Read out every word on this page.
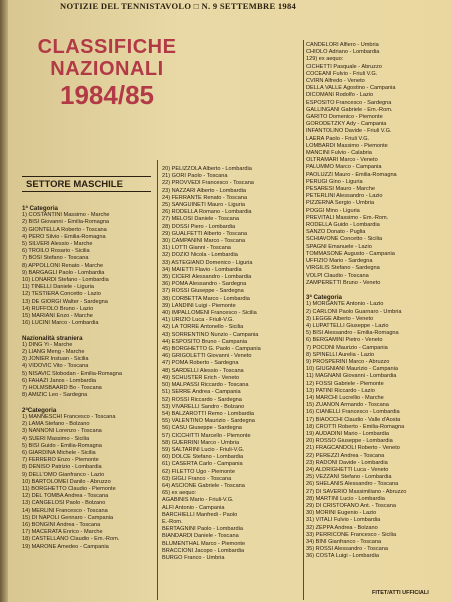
NOTIZIE DEL TENNISTAVOLO □ N. 9 SETTEMBRE 1984
CLASSIFICHE
NAZIONALI
1984/85
SETTORE MASCHILE
1ª Categoria
1) COSTANTINI Massimo - Marche
2) BISI Giovanni - Emilia-Romagna
3) GIONTELLA Roberto - Toscana
4) PERO Silvio - Emilia-Romagna
5) SILVERI Alessio - Marche
6) TROILO Rosario - Sicilia
7) BOSI Stefano - Toscana
8) APPOLLONI Renato - Marche
9) BARGAGLI Paolo - Lombardia
10) LONARDI Stefano - Lombardia
11) TINELLI Daniele - Liguria
12) TESTIERA Concetto - Lazio
13) DE GIORGI Walter - Sardegna
14) RUFFOLO Bruno - Lazio
15) MARIANI Enzo - Marche
16) LUCINI Marco - Lombardia

Nazionalità straniera
1) DING Yi - Marche
2) LIANG Meng - Marche
3) JONIER Instuan - Sicilia
4) VIDOVIC Vito - Toscana
5) NISAVIC Slobodan - Emilia-Romagna
6) FAHAZI Janos - Lombardia
7) HOLMSBAARD Bo - Toscana
8) AMIZIC Leo - Sardegna

2ªCategoria
1) MANNESCHI Francesco - Toscana
2) LAMA Stefano - Bolzano
3) NANNONI Lorenzo - Toscana
4) SUERI Massimo - Sicilia
5) BISI Guido - Emilia-Romagna
6) GIARDINA Michele - Sicilia
7) FERRERO Enzo - Piemonte
8) DENISO Patrizio - Lombardia
9) DELL'OMO Gianfranco - Lazio
10) BARTOLOMEI Danilo - Abruzzo
11) BORGHETTO Claudio - Piemonte
12) DEL TOMBA Andrea - Toscana
13) CANGELOSI Paolo - Bolzano
14) MERLINI Francesco - Toscana
15) DI NAPOLI Gennaro - Campania
16) BONGINI Andrea - Toscana
17) MACERATA Enrico - Marche
18) CASTELLANO Claudio - Em.-Rom.
19) MARONE Amedeo - Campania
20) PELIZZOLA Alberto - Lombardia
21) GORI Paolo - Toscana
22) PROVVEDI Francesco - Toscana
23) NAZZARI Alberto - Lombardia
24) FERRANTE Renato - Toscana
25) SANGUINETI Mauro - Liguria
26) RODELLA Romano - Lombardia
27) MELOSI Daniele - Toscana
28) DOSSI Piero - Lombardia
29) GUALFETTI Alberto - Toscana
30) CAMPANINI Marco - Toscana
31) LOTTI Gianni - Toscana
32) DOZIO Nicola - Lombardia
33) ASTEGIANO Domenico - Liguria
34) MAIETTI Flavio - Lombardia
35) CICERI Alessandro - Lombardia
36) POMA Alessandro - Sardegna
37) ROSSI Giuseppe - Sardegna
38) CORBETTA Marco - Lombardia
39) LANDINI Luigi - Piemonte
40) IMPALLOMENI Francesco - Sicilia
41) URIZIO Luca - Friuli-V.G.
42) LA TORRE Antonello - Sicilia
43) SORRENTINO Nunzio - Campania
44) ESPOSITO Bruno - Campania
45) BORGHETTO G. Paolo - Campania
46) GRIGOLETTI Giovanni - Veneto
47) POMA Roberto - Sardegna
48) SARDELLI Alessio - Toscana
49) SCHUSTER Erich - Veneto
50) MALPASSI Riccardo - Toscana
51) SERRE Andrea - Campania
52) ROSSI Riccardo - Sardegna
53) VIVARELLI Sandro - Bolzano
54) BALZAROTTI Remo - Lombardia
55) VALENTINO Maurizio - Sardegna
56) CASU Giuseppe - Sardegna
57) CICCHITTI Marcello - Piemonte
58) GUERRINI Marco - Umbria
59) SALTARINI Lucio - Friuli-V.G.
60) DOLCE Stefano - Lombardia
61) CASERTA Carlo - Campania
62) FILETTO Ugo - Piemonte
63) GIGLI Franco - Toscana
64) ASCIONE Gabriele - Toscana
65) ex aequo:
AGABINIS Mario - Friuli-V.G.
ALFI Antonio - Campania
BARCHIELLI Manfredi - Paolo
E.-Rom.
BERTAGNINI Paolo - Lombardia
BIANDARDI Daniele - Toscana
BLUMENTHAL Marco - Piemonte
BRACCIONI Jacopo - Lombardia
BURGO Franco - Umbria
CANDELORI Alfiero - Umbria
CHIOLO Adriano - Lombardia
129) ex aequo:
CICHETTI Pasquale - Abruzzo
COCEANI Fulvio - Friuli V.G.
CVIRN Alfredo - Veneto
DELLA VALLE Agostino - Campania
DICOMANI Rodolfo - Lazio
ESPOSITO Francesco - Sardegna
GALLINGANI Gabriele - Em.-Rom.
GARITO Domenico - Piemonte
GORODETZKY Ady - Campania
INFANTOLINO Davide - Friuli V.G.
LAERA Paolo - Friuli V.G.
LOMBARDI Massimo - Piemonte
MANCINI Fulvio - Calabria
OLTRAMARI Marco - Veneto
PALUMMO Marco - Campania
PAOLUZZI Mauro - Emilia-Romagna
PERUGI Gino - Liguria
PESARESI Mauro - Marche
PETERLINI Alessandro - Lazio
PIZZERNA Sergio - Umbria
POGGI Mino - Liguria
PREVITALI Massimo - Em.-Rom.
RODELLA Guido - Lombardia
SANZO Donato - Puglia
SCHIAVONE Concetto - Sicilia
SPAGNI Emanuele - Lazio
TOMMASONE Augusto - Campania
UFFIZIO Mario - Sardegna
VIRGILIS Stefano - Sardegna
VOLPI Claudio - Toscana
ZAMPERETTI Bruno - Veneto

3ª Categoria
1) MORGANTE Antonio - Lazio
2) CARLONI Paolo Guarnaro - Umbria
3) LEGGE Alberto - Veneto
4) LUPATTELLI Giuseppe - Lazio
5) BISI Alessandro - Emilia-Romagna
6) BERGAMINI Pietro - Veneto
7) POCONI Maurizio - Campania
8) SPINELLI Aurelia - Lazio
9) PROSPERINI Marco - Abruzzo
10) GIUGNIANI Maurizio - Campania
11) MAGNANI Giovanni - Lombardia
12) FOSSI Gabriele - Piemonte
13) PATINI Riccardo - Lazio
14) MARCHI Lucrellio - Marche
15) ZUANON Armando - Toscana
16) CIANELLI Francesco - Lombardia
17) BIAOCCHI Claudio - Valle d'Aosta
18) CROTTI Roberto - Emilia-Romagna
19) AUDADINI Mario - Lombardia
20) ROSSO Giuseppe - Lombardia
21) FRAGCANDOLI Roberto - Veneto
22) PEREZZI Andrea - Toscana
23) RADONI Davide - Lombardia
24) ALDRIGHETTI Luca - Veneto
25) VEZZANI Stefano - Lombardia
26) SHELANIS Alessandro - Toscana
27) DI SAVERIO Massimiliano - Abruzzo
28) MARTINI Lucio - Lombardia
29) DI CRISTOFANO Ant. - Toscana
30) MORINI Eugenio - Lazio
31) VITALI Fulvio - Lombardia
32) ZEPPA Andrea - Bolzano
33) PERRICONE Francesco - Sicilia
34) BINI Gianfranco - Toscana
35) ROSSI Alessandro - Toscana
36) COSTA Luigi - Lombardia
FITET/ATTI UFFICIALI
